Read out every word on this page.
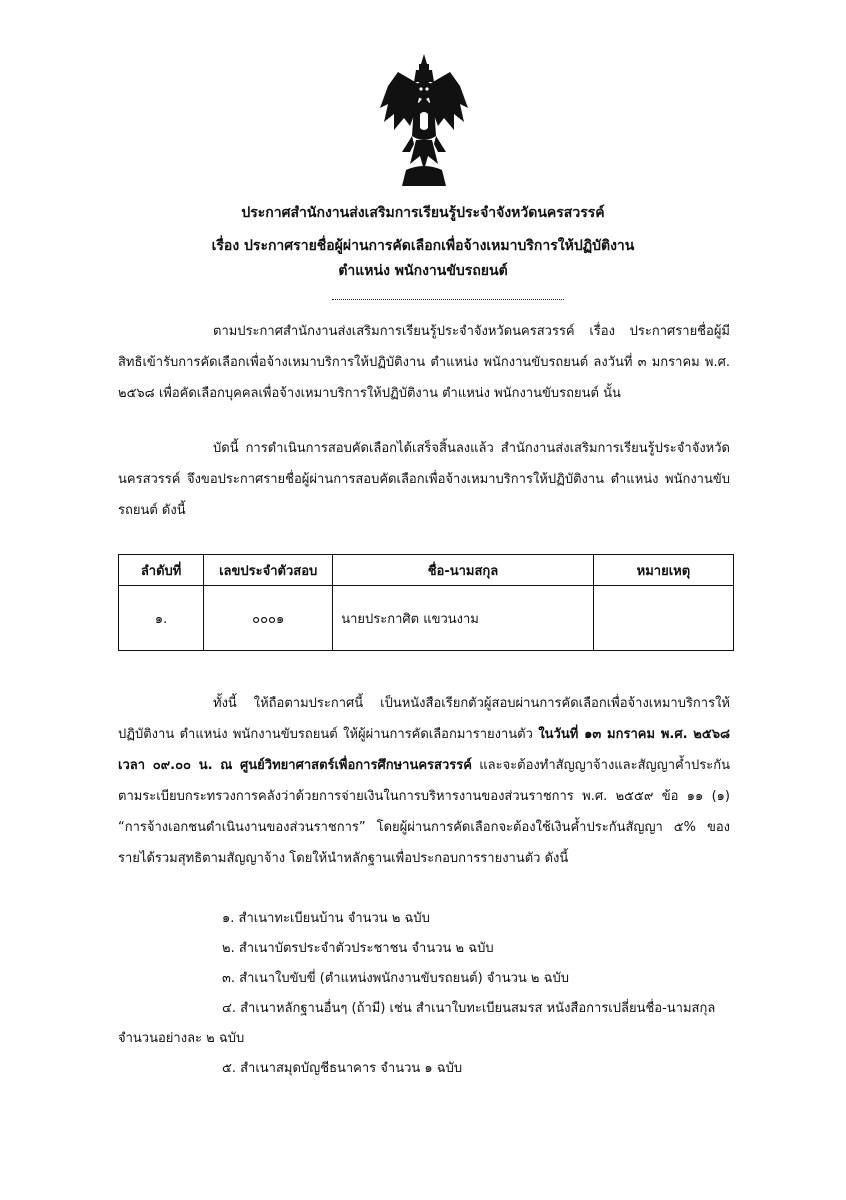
ประกาศสำนักงานส่งเสริมการเรียนรู้ประจำจังหวัดนครสวรรค์
เรื่อง ประกาศรายชื่อผู้ผ่านการคัดเลือกเพื่อจ้างเหมาบริการให้ปฏิบัติงาน
ตำแหน่ง พนักงานขับรถยนต์
ตามประกาศสำนักงานส่งเสริมการเรียนรู้ประจำจังหวัดนครสวรรค์ เรื่อง ประกาศรายชื่อผู้มีสิทธิเข้ารับการคัดเลือกเพื่อจ้างเหมาบริการให้ปฏิบัติงาน ตำแหน่ง พนักงานขับรถยนต์ ลงวันที่ ๓ มกราคม พ.ศ. ๒๕๖๘ เพื่อคัดเลือกบุคคลเพื่อจ้างเหมาบริการให้ปฏิบัติงาน ตำแหน่ง พนักงานขับรถยนต์ นั้น
บัดนี้ การดำเนินการสอบคัดเลือกได้เสร็จสิ้นลงแล้ว สำนักงานส่งเสริมการเรียนรู้ประจำจังหวัดนครสวรรค์ จึงขอประกาศรายชื่อผู้ผ่านการสอบคัดเลือกเพื่อจ้างเหมาบริการให้ปฏิบัติงาน ตำแหน่ง พนักงานขับรถยนต์ ดังนี้
ลำดับที่	เลขประจำตัวสอบ	ชื่อ-นามสกุล	หมายเหตุ
๑.	๐๐๐๑	นายประกาศิต แขวนงาม	
ทั้งนี้ ให้ถือตามประกาศนี้ เป็นหนังสือเรียกตัวผู้สอบผ่านการคัดเลือกเพื่อจ้างเหมาบริการให้ปฏิบัติงาน ตำแหน่ง พนักงานขับรถยนต์ ให้ผู้ผ่านการคัดเลือกมารายงานตัว ในวันที่ ๑๓ มกราคม พ.ศ. ๒๕๖๘ เวลา ๐๙.๐๐ น. ณ ศูนย์วิทยาศาสตร์เพื่อการศึกษานครสวรรค์ และจะต้องทำสัญญาจ้างและสัญญาค้ำประกันตามระเบียบกระทรวงการคลังว่าด้วยการจ่ายเงินในการบริหารงานของส่วนราชการ พ.ศ. ๒๕๕๙ ข้อ ๑๑ (๑) “การจ้างเอกชนดำเนินงานของส่วนราชการ” โดยผู้ผ่านการคัดเลือกจะต้องใช้เงินค้ำประกันสัญญา ๕% ของรายได้รวมสุทธิตามสัญญาจ้าง โดยให้นำหลักฐานเพื่อประกอบการรายงานตัว ดังนี้
๑. สำเนาทะเบียนบ้าน จำนวน ๒ ฉบับ
๒. สำเนาบัตรประจำตัวประชาชน จำนวน ๒ ฉบับ
๓. สำเนาใบขับขี่ (ตำแหน่งพนักงานขับรถยนต์) จำนวน ๒ ฉบับ
๔. สำเนาหลักฐานอื่นๆ (ถ้ามี) เช่น สำเนาใบทะเบียนสมรส หนังสือการเปลี่ยนชื่อ-นามสกุล
จำนวนอย่างละ ๒ ฉบับ
๕. สำเนาสมุดบัญชีธนาคาร จำนวน ๑ ฉบับ
